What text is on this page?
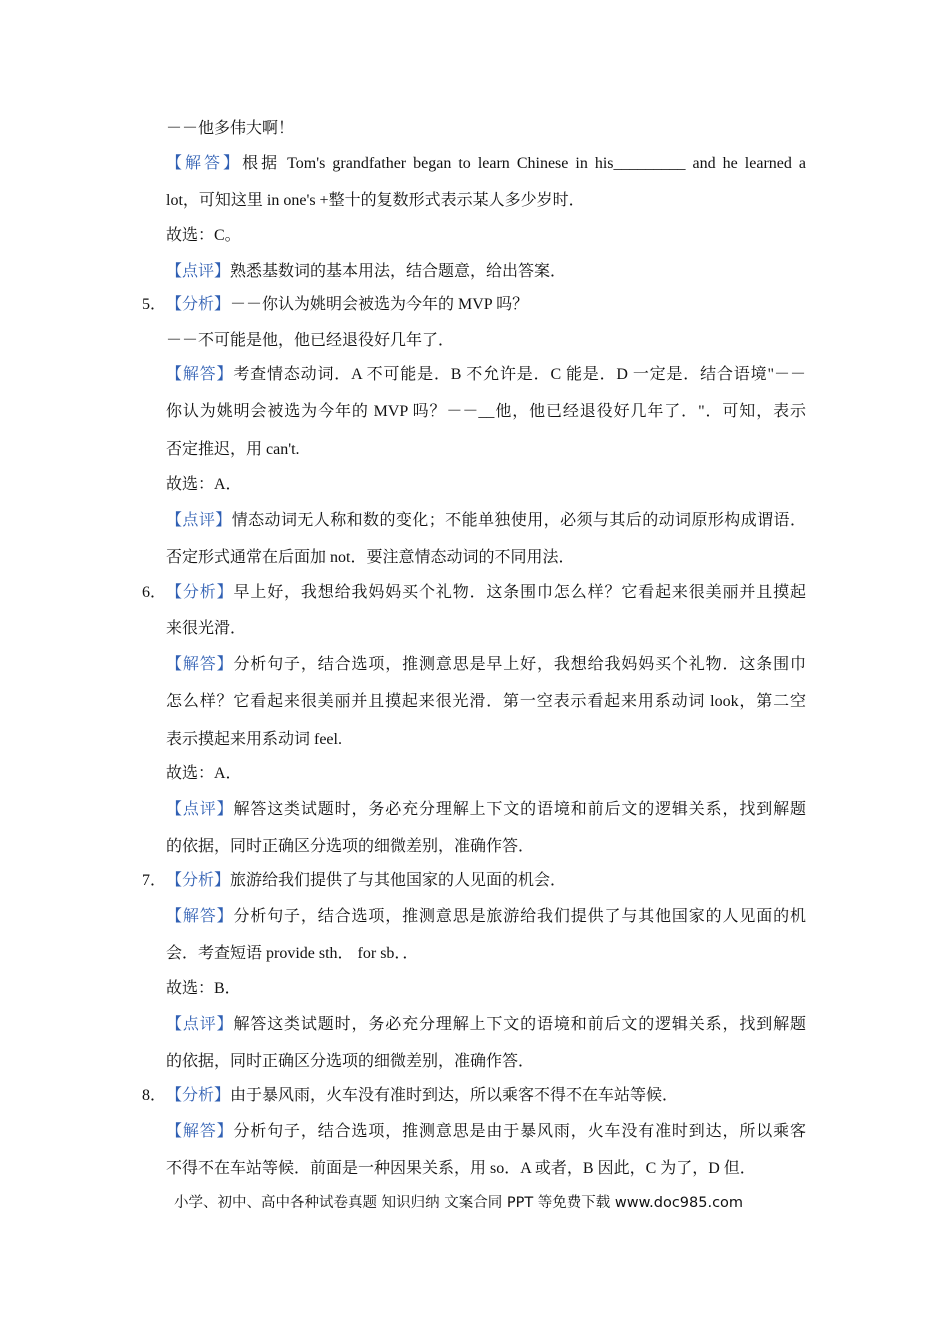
小学、初中、高中各种试卷真题 知识归纳 文案合同 PPT 等免费下载 www.doc985.com
－－他多伟大啊！
【解答】根据 Tom's grandfather began to learn Chinese in his_________ and he learned a
lot，可知这里 in one's +整十的复数形式表示某人多少岁时．
故选：C。
【点评】熟悉基数词的基本用法，结合题意，给出答案．
5． 【分析】－－你认为姚明会被选为今年的 MVP 吗？
－－不可能是他，他已经退役好几年了．
【解答】考查情态动词．A 不可能是．B 不允许是．C 能是．D 一定是．结合语境"－－
你认为姚明会被选为今年的 MVP 吗？－－__他，他已经退役好几年了．"．可知，表示
否定推迟，用 can't.
故选：A．
【点评】情态动词无人称和数的变化；不能单独使用，必须与其后的动词原形构成谓语．
否定形式通常在后面加 not．要注意情态动词的不同用法．
6． 【分析】早上好，我想给我妈妈买个礼物．这条围巾怎么样？它看起来很美丽并且摸起
来很光滑．
【解答】分析句子，结合选项，推测意思是早上好，我想给我妈妈买个礼物．这条围巾
怎么样？它看起来很美丽并且摸起来很光滑．第一空表示看起来用系动词 look，第二空
表示摸起来用系动词 feel.
故选：A．
【点评】解答这类试题时，务必充分理解上下文的语境和前后文的逻辑关系，找到解题
的依据，同时正确区分选项的细微差别，准确作答．
7． 【分析】旅游给我们提供了与其他国家的人见面的机会．
【解答】分析句子，结合选项，推测意思是旅游给我们提供了与其他国家的人见面的机
会．考查短语 provide sth． for sb．．
故选：B．
【点评】解答这类试题时，务必充分理解上下文的语境和前后文的逻辑关系，找到解题
的依据，同时正确区分选项的细微差别，准确作答．
8． 【分析】由于暴风雨，火车没有准时到达，所以乘客不得不在车站等候．
【解答】分析句子，结合选项，推测意思是由于暴风雨，火车没有准时到达，所以乘客
不得不在车站等候．前面是一种因果关系，用 so．A 或者，B 因此，C 为了，D 但．
